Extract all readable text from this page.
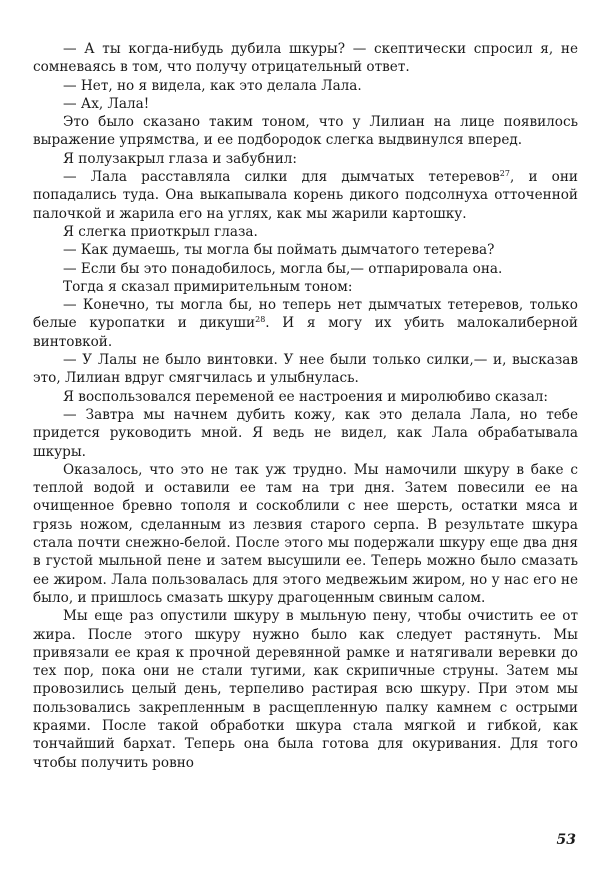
— А ты когда-нибудь дубила шкуры? — скептически спросил я, не сомневаясь в том, что получу отрицательный ответ.

— Нет, но я видела, как это делала Лала.

— Ах, Лала!

Это было сказано таким тоном, что у Лилиан на лице появилось выражение упрямства, и ее подбородок слегка выдвинулся вперед.

Я полузакрыл глаза и забубнил:

— Лала расставляла силки для дымчатых тетеревов$^{27}$, и они попадались туда. Она выкапывала корень дикого подсолнуха отточенной палочкой и жарила его на углях, как мы жарили картошку.

Я слегка приоткрыл глаза.

— Как думаешь, ты могла бы поймать дымчатого тетерева?

— Если бы это понадобилось, могла бы,— отпарировала она.

Тогда я сказал примирительным тоном:

— Конечно, ты могла бы, но теперь нет дымчатых тетеревов, только белые куропатки и дикуши$^{28}$. И я могу их убить малокалиберной винтовкой.

— У Лалы не было винтовки. У нее были только силки,— и, высказав это, Лилиан вдруг смягчилась и улыбнулась.

Я воспользовался переменой ее настроения и миролюбиво сказал:

— Завтра мы начнем дубить кожу, как это делала Лала, но тебе придется руководить мной. Я ведь не видел, как Лала обрабатывала шкуры.

Оказалось, что это не так уж трудно. Мы намочили шкуру в баке с теплой водой и оставили ее там на три дня. Затем повесили ее на очищенное бревно тополя и соскоблили с нее шерсть, остатки мяса и грязь ножом, сделанным из лезвия старого серпа. В результате шкура стала почти снежно-белой. После этого мы подержали шкуру еще два дня в густой мыльной пене и затем высушили ее. Теперь можно было смазать ее жиром. Лала пользовалась для этого медвежьим жиром, но у нас его не было, и пришлось смазать шкуру драгоценным свиным салом.

Мы еще раз опустили шкуру в мыльную пену, чтобы очистить ее от жира. После этого шкуру нужно было как следует растянуть. Мы привязали ее края к прочной деревянной рамке и натягивали веревки до тех пор, пока они не стали тугими, как скрипичные струны. Затем мы провозились целый день, терпеливо растирая всю шкуру. При этом мы пользовались закрепленным в расщепленную палку камнем с острыми краями. После такой обработки шкура стала мягкой и гибкой, как тончайший бархат. Теперь она была готова для окуривания. Для того чтобы получить ровно

53
